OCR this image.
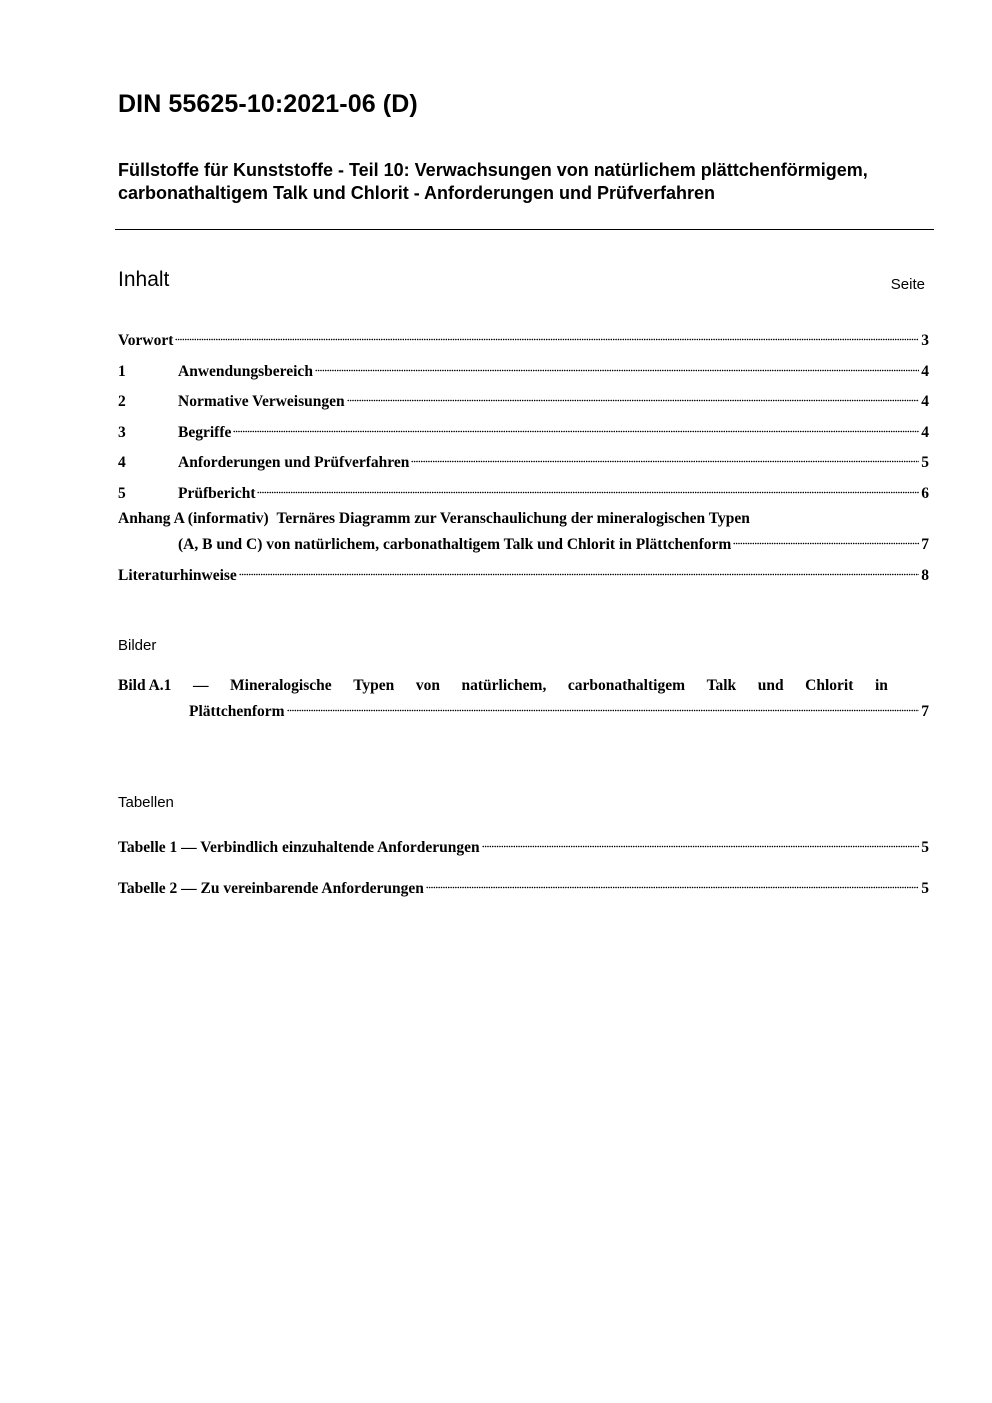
DIN 55625-10:2021-06 (D)
Füllstoffe für Kunststoffe - Teil 10: Verwachsungen von natürlichem plättchenförmigem, carbonathaltigem Talk und Chlorit - Anforderungen und Prüfverfahren
Inhalt	Seite
Vorwort	3
1	Anwendungsbereich	4
2	Normative Verweisungen	4
3	Begriffe	4
4	Anforderungen und Prüfverfahren	5
5	Prüfbericht	6
Anhang A (informativ) Ternäres Diagramm zur Veranschaulichung der mineralogischen Typen
(A, B und C) von natürlichem, carbonathaltigem Talk und Chlorit in Plättchenform	7
Literaturhinweise	8
Bilder
Bild A.1 — Mineralogische Typen von natürlichem, carbonathaltigem Talk und Chlorit in
Plättchenform	7
Tabellen
Tabelle 1 — Verbindlich einzuhaltende Anforderungen	5
Tabelle 2 — Zu vereinbarende Anforderungen	5
